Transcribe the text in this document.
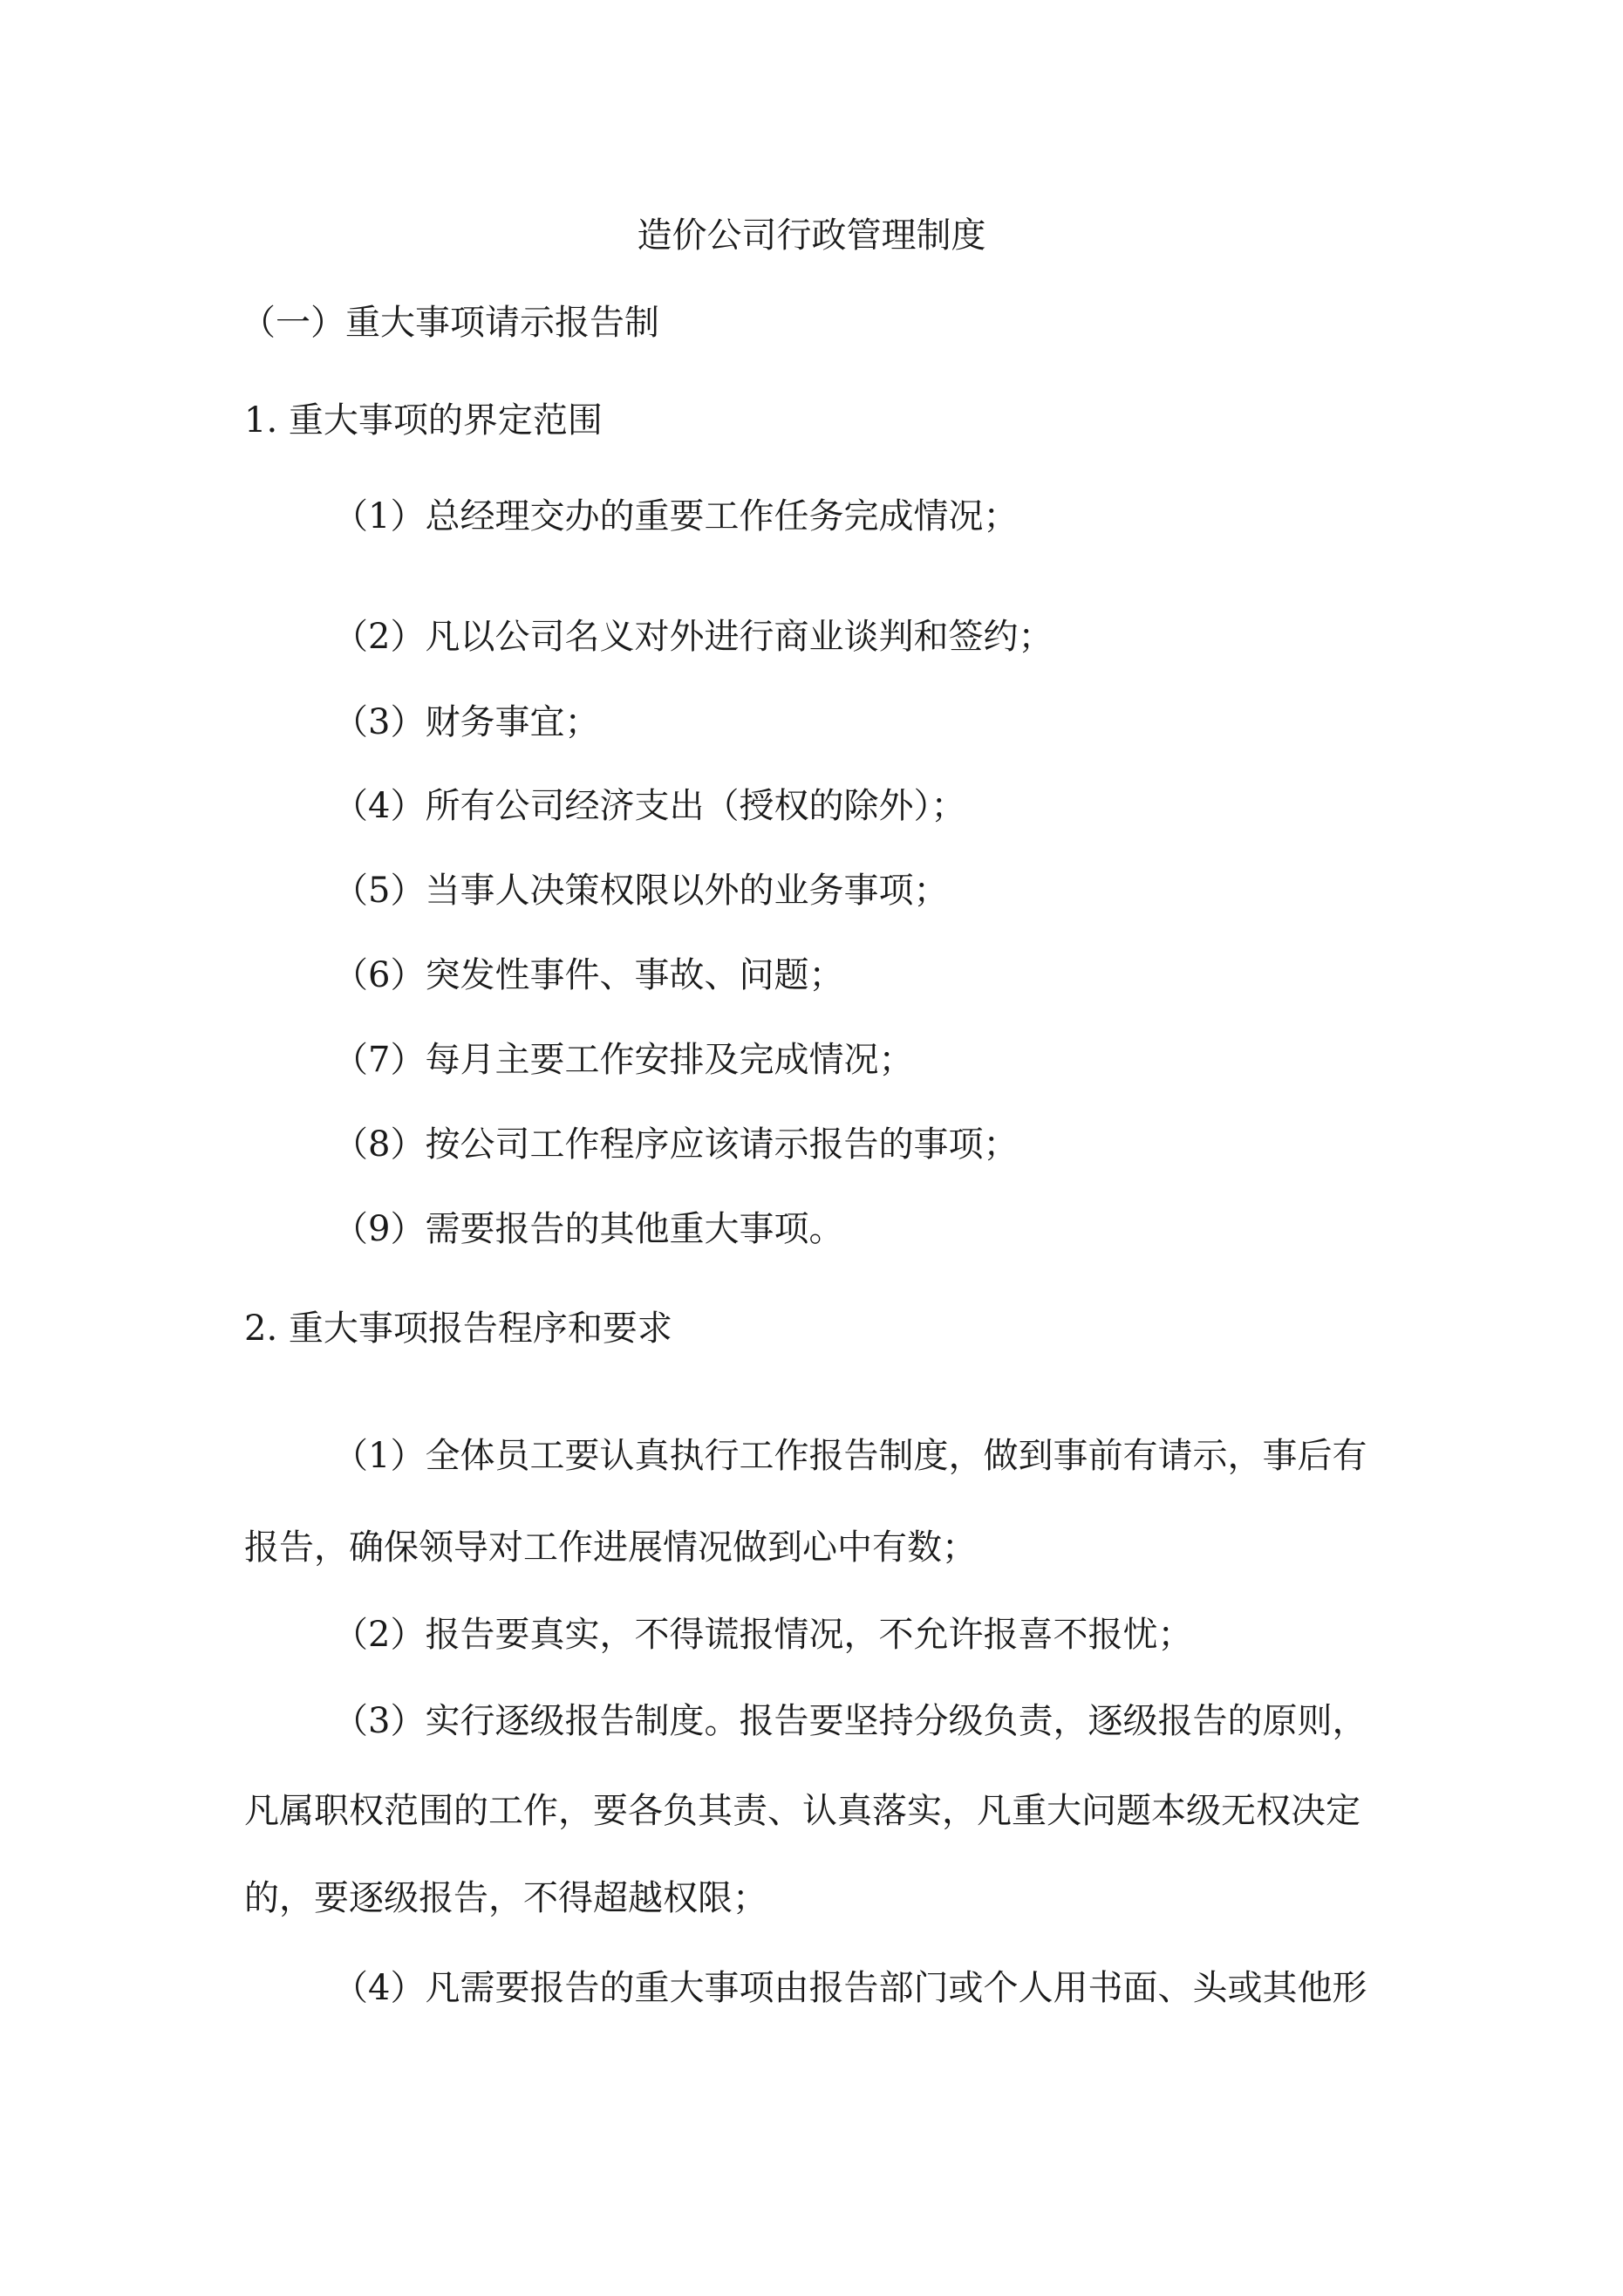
造价公司行政管理制度
（一）重大事项请示报告制
1. 重大事项的界定范围
（1）总经理交办的重要工作任务完成情况；
（2）凡以公司名义对外进行商业谈判和签约；
（3）财务事宜；
（4）所有公司经济支出（授权的除外）；
（5）当事人决策权限以外的业务事项；
（6）突发性事件、事故、问题；
（7）每月主要工作安排及完成情况；
（8）按公司工作程序应该请示报告的事项；
（9）需要报告的其他重大事项。
2. 重大事项报告程序和要求
（1）全体员工要认真执行工作报告制度，做到事前有请示，事后有
报告，确保领导对工作进展情况做到心中有数；
（2）报告要真实，不得谎报情况，不允许报喜不报忧；
（3）实行逐级报告制度。报告要坚持分级负责，逐级报告的原则，
凡属职权范围的工作，要各负其责、认真落实，凡重大问题本级无权决定
的，要逐级报告，不得超越权限；
（4）凡需要报告的重大事项由报告部门或个人用书面、头或其他形
